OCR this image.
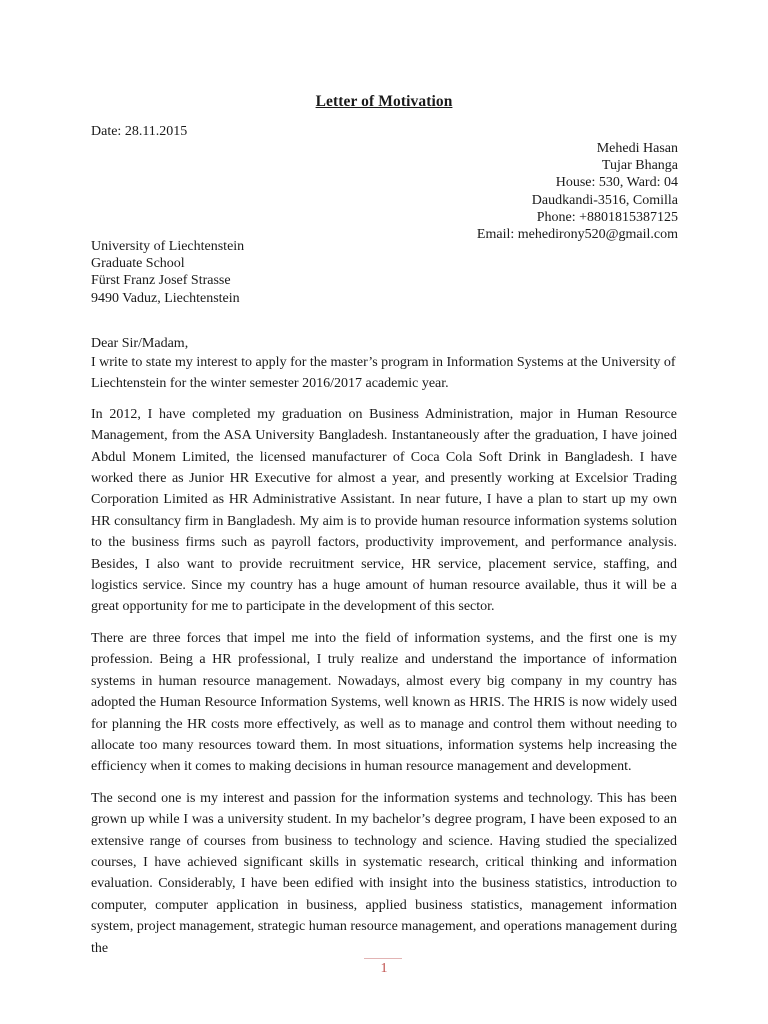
Letter of Motivation
Date: 28.11.2015
Mehedi Hasan
Tujar Bhanga
House: 530, Ward: 04
Daudkandi-3516, Comilla
Phone: +8801815387125
Email: mehedirony520@gmail.com
University of Liechtenstein
Graduate School
Fürst Franz Josef Strasse
9490 Vaduz, Liechtenstein
Dear Sir/Madam,

I write to state my interest to apply for the master’s program in Information Systems at the University of Liechtenstein for the winter semester 2016/2017 academic year.

In 2012, I have completed my graduation on Business Administration, major in Human Resource Management, from the ASA University Bangladesh. Instantaneously after the graduation, I have joined Abdul Monem Limited, the licensed manufacturer of Coca Cola Soft Drink in Bangladesh. I have worked there as Junior HR Executive for almost a year, and presently working at Excelsior Trading Corporation Limited as HR Administrative Assistant. In near future, I have a plan to start up my own HR consultancy firm in Bangladesh. My aim is to provide human resource information systems solution to the business firms such as payroll factors, productivity improvement, and performance analysis. Besides, I also want to provide recruitment service, HR service, placement service, staffing, and logistics service. Since my country has a huge amount of human resource available, thus it will be a great opportunity for me to participate in the development of this sector.

There are three forces that impel me into the field of information systems, and the first one is my profession. Being a HR professional, I truly realize and understand the importance of information systems in human resource management. Nowadays, almost every big company in my country has adopted the Human Resource Information Systems, well known as HRIS. The HRIS is now widely used for planning the HR costs more effectively, as well as to manage and control them without needing to allocate too many resources toward them. In most situations, information systems help increasing the efficiency when it comes to making decisions in human resource management and development.

The second one is my interest and passion for the information systems and technology. This has been grown up while I was a university student. In my bachelor’s degree program, I have been exposed to an extensive range of courses from business to technology and science. Having studied the specialized courses, I have achieved significant skills in systematic research, critical thinking and information evaluation. Considerably, I have been edified with insight into the business statistics, introduction to computer, computer application in business, applied business statistics, management information system, project management, strategic human resource management, and operations management during the

1
